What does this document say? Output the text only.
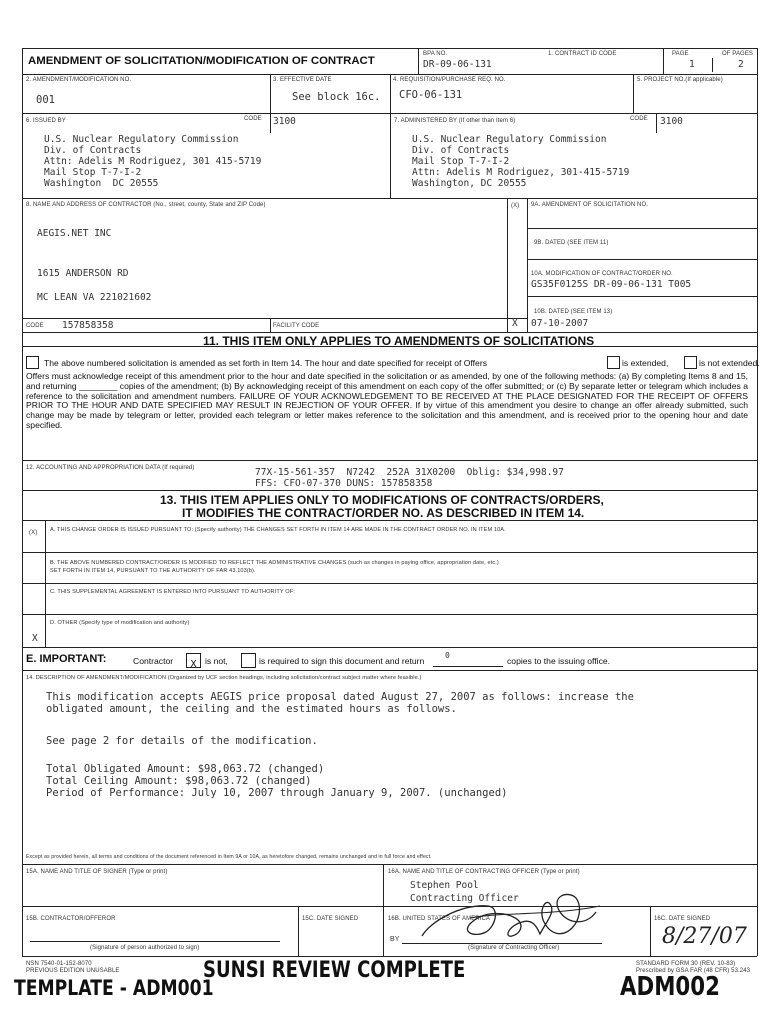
AMENDMENT OF SOLICITATION/MODIFICATION OF CONTRACT
BPA NO.
DR-09-06-131
1. CONTRACT ID CODE	PAGE
1
OF PAGES
2
2. AMENDMENT/MODIFICATION NO.
001
3. EFFECTIVE DATE
See block 16c.
4. REQUISITION/PURCHASE REQ. NO.
CFO-06-131
5. PROJECT NO.(If applicable)
6. ISSUED BY	CODE 3100
U.S. Nuclear Regulatory Commission
Div. of Contracts
Attn: Adelis M Rodriguez, 301 415-5719
Mail Stop T-7-I-2
Washington  DC 20555
7. ADMINISTERED BY (If other than Item 6)	CODE 3100
U.S. Nuclear Regulatory Commission
Div. of Contracts
Mail Stop T-7-I-2
Attn: Adelis M Rodriguez, 301-415-5719
Washington, DC 20555
8. NAME AND ADDRESS OF CONTRACTOR (No., street, county, State and ZIP Code)
AEGIS.NET INC
1615 ANDERSON RD
MC LEAN VA 221021602
CODE 157858358	FACILITY CODE
(X) 9A. AMENDMENT OF SOLICITATION NO.
9B. DATED (SEE ITEM 11)
10A. MODIFICATION OF CONTRACT/ORDER NO.
GS35F0125S DR-09-06-131 T005
10B. DATED (SEE ITEM 13)
X 07-10-2007
11. THIS ITEM ONLY APPLIES TO AMENDMENTS OF SOLICITATIONS
The above numbered solicitation is amended as set forth in Item 14. The hour and date specified for receipt of Offers	is extended,	is not extended.
Offers must acknowledge receipt of this amendment prior to the hour and date specified in the solicitation or as amended, by one of the following methods: (a) By completing Items 8 and 15, and returning ________ copies of the amendment; (b) By acknowledging receipt of this amendment on each copy of the offer submitted; or (c) By separate letter or telegram which includes a reference to the solicitation and amendment numbers. FAILURE OF YOUR ACKNOWLEDGEMENT TO BE RECEIVED AT THE PLACE DESIGNATED FOR THE RECEIPT OF OFFERS PRIOR TO THE HOUR AND DATE SPECIFIED MAY RESULT IN REJECTION OF YOUR OFFER. If by virtue of this amendment you desire to change an offer already submitted, such change may be made by telegram or letter, provided each telegram or letter makes reference to the solicitation and this amendment, and is received prior to the opening hour and date specified.
12. ACCOUNTING AND APPROPRIATION DATA (If required)	77X-15-561-357  N7242  252A 31X0200  Oblig: $34,998.97
FFS: CFO-07-370 DUNS: 157858358
13. THIS ITEM APPLIES ONLY TO MODIFICATIONS OF CONTRACTS/ORDERS,
IT MODIFIES THE CONTRACT/ORDER NO. AS DESCRIBED IN ITEM 14.
(X) A. THIS CHANGE ORDER IS ISSUED PURSUANT TO: (Specify authority) THE CHANGES SET FORTH IN ITEM 14 ARE MADE IN THE CONTRACT ORDER NO. IN ITEM 10A.
B. THE ABOVE NUMBERED CONTRACT/ORDER IS MODIFIED TO REFLECT THE ADMINISTRATIVE CHANGES (such as changes in paying office, appropriation date, etc.)
SET FORTH IN ITEM 14, PURSUANT TO THE AUTHORITY OF FAR 43.103(b).
C. THIS SUPPLEMENTAL AGREEMENT IS ENTERED INTO PURSUANT TO AUTHORITY OF:
D. OTHER (Specify type of modification and authority)
X
E. IMPORTANT:	Contractor	X is not,	is required to sign this document and return
0
copies to the issuing office.
14. DESCRIPTION OF AMENDMENT/MODIFICATION (Organized by UCF section headings, including solicitation/contract subject matter where feasible.)
This modification accepts AEGIS price proposal dated August 27, 2007 as follows: increase the
obligated amount, the ceiling and the estimated hours as follows.
See page 2 for details of the modification.
Total Obligated Amount: $98,063.72 (changed)
Total Ceiling Amount: $98,063.72 (changed)
Period of Performance: July 10, 2007 through January 9, 2007. (unchanged)
Except as provided herein, all terms and conditions of the document referenced in Item 9A or 10A, as heretofore changed, remains unchanged and in full force and effect.
15A. NAME AND TITLE OF SIGNER (Type or print)	16A. NAME AND TITLE OF CONTRACTING OFFICER (Type or print)
Stephen Pool
Contracting Officer
15B. CONTRACTOR/OFFEROR	15C. DATE SIGNED	16B. UNITED STATES OF AMERICA	16C. DATE SIGNED
BY
(Signature of person authorized to sign)	(Signature of Contracting Officer)	8/27/07
NSN 7540-01-152-8070
PREVIOUS EDITION UNUSABLE
STANDARD FORM 30 (REV. 10-83)
Prescribed by GSA FAR (48 CFR) 53.243
TEMPLATE - ADM001
SUNSI REVIEW COMPLETE
ADM002
